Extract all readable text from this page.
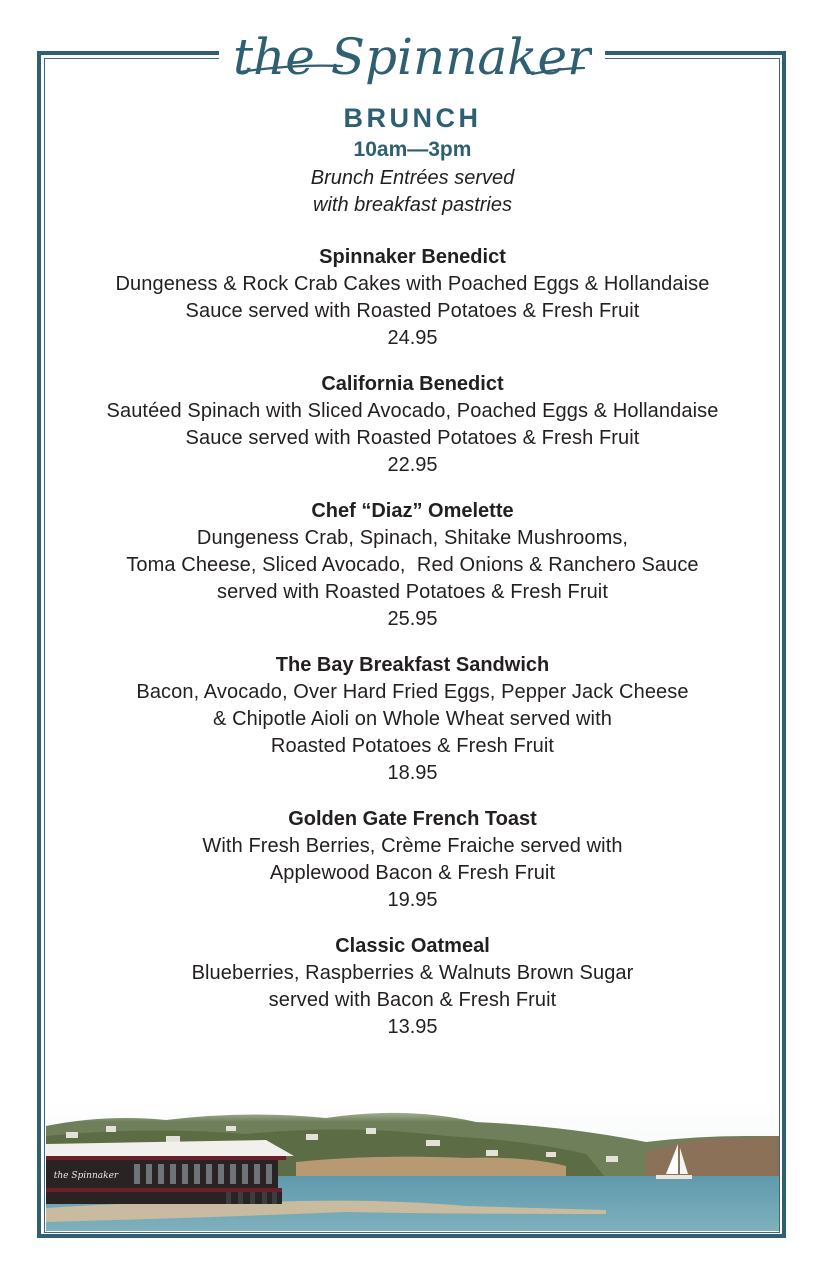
the Spinnaker
BRUNCH
10am—3pm
Brunch Entrées served
with breakfast pastries
Spinnaker Benedict
Dungeness & Rock Crab Cakes with Poached Eggs & Hollandaise
Sauce served with Roasted Potatoes & Fresh Fruit
24.95
California Benedict
Sautéed Spinach with Sliced Avocado, Poached Eggs & Hollandaise
Sauce served with Roasted Potatoes & Fresh Fruit
22.95
Chef “Diaz” Omelette
Dungeness Crab, Spinach, Shitake Mushrooms,
Toma Cheese, Sliced Avocado,  Red Onions & Ranchero Sauce
served with Roasted Potatoes & Fresh Fruit
25.95
The Bay Breakfast Sandwich
Bacon, Avocado, Over Hard Fried Eggs, Pepper Jack Cheese
& Chipotle Aioli on Whole Wheat served with
Roasted Potatoes & Fresh Fruit
18.95
Golden Gate French Toast
With Fresh Berries, Crème Fraiche served with
Applewood Bacon & Fresh Fruit
19.95
Classic Oatmeal
Blueberries, Raspberries & Walnuts Brown Sugar
served with Bacon & Fresh Fruit
13.95
the Spinnaker
